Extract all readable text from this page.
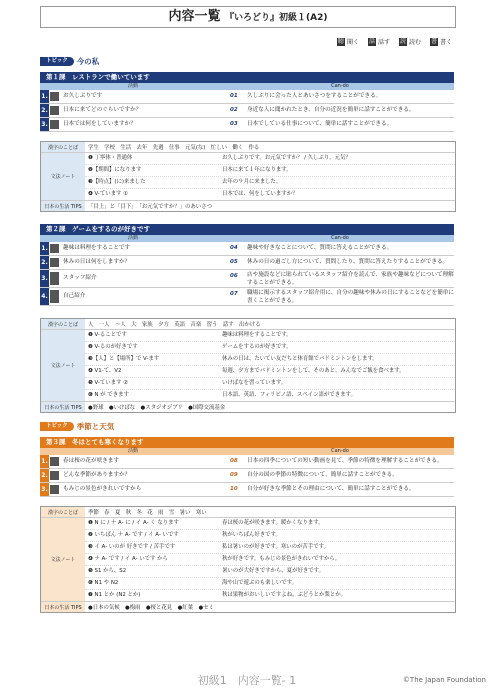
内容一覧 『いろどり』初級１(A2)
聴 聞く 話 話す 読 読む 書 書く
トピック	今の私
第１課　レストランで働いています
活動	Can-do
1.	お久しぶりです	01	久しぶりに会った人とあいさつをすることができる。
2.	日本に来てどのぐらいですか？	02	身近な人に聞かれたとき、自分の近況を簡単に話すことができる。
3.	日本では何をしていますか？	03	日本でしている仕事について、簡単に話すことができる。
漢字のことば	学生　学校　生活　去年　先週　仕事　元気(な)　忙しい　働く　作る
文法ノート
❶ 丁寧体・普通体	お久しぶりです。お元気ですか？ / 久しぶり。元気？
❷【期間】になります	日本に来て１年になります。
❸【時点】(に)来ました	去年の９月に来ました。
❹ V-ています ①	日本では、何をしていますか？
日本の生活 TIPS	「目上」と「目下」　「お元気ですか？」のあいさつ
第２課　ゲームをするのが好きです
活動	Can-do
1.	趣味は料理をすることです	04	趣味や好きなことについて、質問に答えることができる。
2.	休みの日は何をしますか？	05	休みの日の過ごし方について、質問したり、質問に答えたりすることができる。
3.	スタッフ紹介	06	店や施設などに貼られているスタッフ紹介を読んで、家族や趣味などについて理解することができる。
4.	自己紹介	07	職場に掲示するスタッフ紹介用に、自分の趣味や休みの日にすることなどを簡単に書くことができる。
漢字のことば	人　一人　～人　大　家族　夕方　英語　音楽　習う　話す　出かける
文法ノート
❶ V-ることです	趣味は料理をすることです。
❷ V-るのが好きです	ゲームをするのが好きです。
❸【人】と【場所】で V-ます	休みの日は、たいてい友だちと体育館でバドミントンをします。
❹ V1-て、V2	毎週、夕方までバドミントンをして、そのあと、みんなでご飯を食べます。
❺ V-ています ②	いけばなを習っています。
❻ N が できます	日本語、英語、フィリピノ語、スペイン語ができます。
日本の生活 TIPS	●野球　●いけばな　●スタジオジブリ　●国際交流基金
トピック	季節と天気
第３課　冬はとても寒くなります
活動	Can-do
1.	春は桜の花が咲きます	08	日本の四季についての短い動画を見て、季節の特徴を理解することができる。
2.	どんな季節がありますか？	09	自分の国の季節の特徴について、簡単に話すことができる。
3.	もみじの景色がきれいですから	10	自分が好きな季節とその理由について、簡単に話すことができる。
漢字のことば	季節　春　夏　秋　冬　花　雨　雪　暑い　寒い
文法ノート
❶ N に / ナ A- に / イ A- く なります	春は桜の花が咲きます。暖かくなります。
❷ いちばん ナ A- です / イ A- いです	秋がいちばん好きです。
❸ イ A- いのが 好きです / 苦手です	私は暑いのが好きです。寒いのが苦手です。
❹ ナ A- です / イ A- いです から	秋が好きです。もみじの景色がきれいですから。
❺ S1 から、S2	暑いのが大好きですから、夏が好きです。
❻ N1 や N2	海や山で遊ぶのも楽しいです。
❼ N1 とか (N2 とか)	秋は果物がおいしいですよね。ぶどうとか梨とか。
日本の生活 TIPS	●日本の気候　●梅雨　●桜と花見　●紅葉　●セミ
初級1　内容一覧- 1	©The Japan Foundation
